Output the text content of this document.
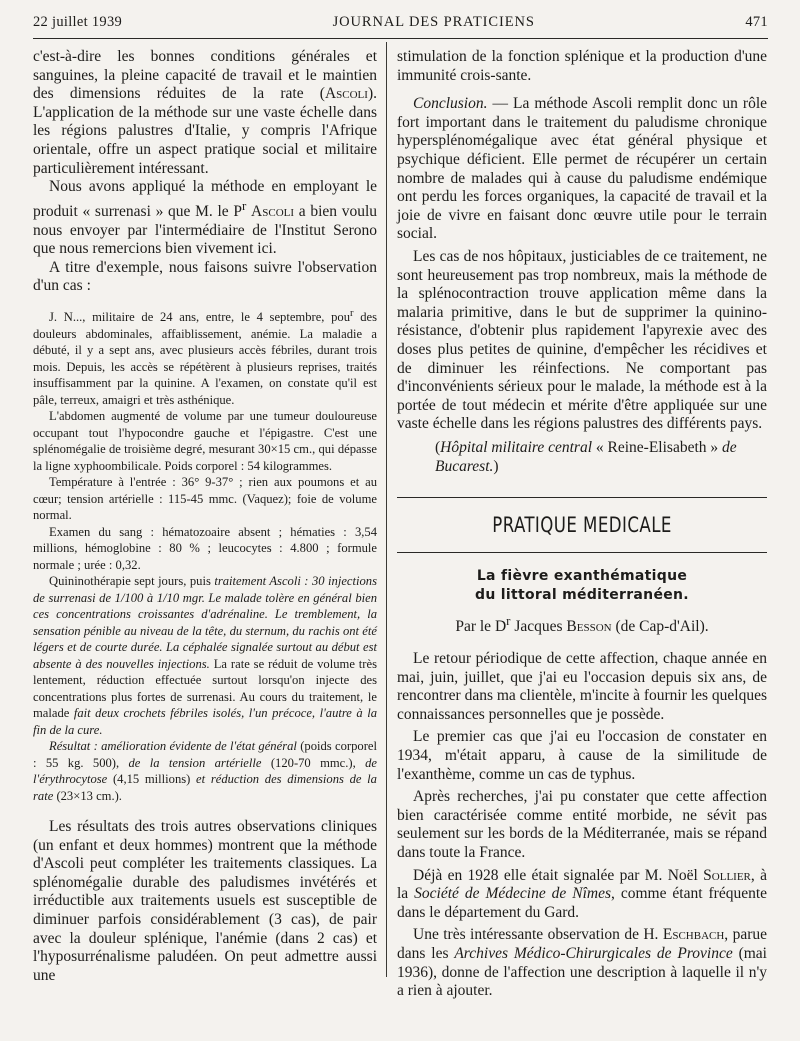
22 juillet 1939	JOURNAL DES PRATICIENS	471

c'est-à-dire les bonnes conditions générales et sanguines, la pleine capacité de travail et le maintien des dimensions réduites de la rate (Ascoli). L'application de la méthode sur une vaste échelle dans les régions palustres d'Italie, y compris l'Afrique orientale, offre un aspect pratique social et militaire particulièrement intéressant.

Nous avons appliqué la méthode en employant le produit « surrenasi » que M. le $P^r$ Ascoli a bien voulu nous envoyer par l'intermédiaire de l'Institut Serono que nous remercions bien vivement ici.

A titre d'exemple, nous faisons suivre l'observation d'un cas :

J. N..., militaire de 24 ans, entre, le 4 septembre, pou$^r$ des douleurs abdominales, affaiblissement, anémie. La maladie a débuté, il y a sept ans, avec plusieurs accès fébriles, durant trois mois. Depuis, les accès se répétèrent à plusieurs reprises, traités insuffisamment par la quinine. A l'examen, on constate qu'il est pâle, terreux, amaigri et très asthénique.

L'abdomen augmenté de volume par une tumeur douloureuse occupant tout l'hypocondre gauche et l'épigastre. C'est une splénomégalie de troisième degré, mesurant 30×15 cm., qui dépasse la ligne xyphoombilicale. Poids corporel : 54 kilogrammes.

Température à l'entrée : 36° 9-37° ; rien aux poumons et au cœur; tension artérielle : 115-45 mmc. (Vaquez); foie de volume normal.

Examen du sang : hématozoaire absent ; hématies : 3,54 millions, hémoglobine : 80 % ; leucocytes : 4.800 ; formule normale ; urée : 0,32.

Quininothérapie sept jours, puis traitement Ascoli : 30 injections de surrenasi de 1/100 à 1/10 mgr. Le malade tolère en général bien ces concentrations croissantes d'adrénaline. Le tremblement, la sensation pénible au niveau de la tête, du sternum, du rachis ont été légers et de courte durée. La céphalée signalée surtout au début est absente à des nouvelles injections. La rate se réduit de volume très lentement, réduction effectuée surtout lorsqu'on injecte des concentrations plus fortes de surrenasi. Au cours du traitement, le malade fait deux crochets fébriles isolés, l'un précoce, l'autre à la fin de la cure.

Résultat : amélioration évidente de l'état général (poids corporel : 55 kg. 500), de la tension artérielle (120-70 mmc.), de l'érythrocytose (4,15 millions) et réduction des dimensions de la rate (23×13 cm.).

Les résultats des trois autres observations cliniques (un enfant et deux hommes) montrent que la méthode d'Ascoli peut compléter les traitements classiques. La splénomégalie durable des paludismes invétérés et irréductible aux traitements usuels est susceptible de diminuer parfois considérablement (3 cas), de pair avec la douleur splénique, l'anémie (dans 2 cas) et l'hyposurrénalisme paludéen. On peut admettre aussi une

stimulation de la fonction splénique et la production d'une immunité crois-sante.

Conclusion. — La méthode Ascoli remplit donc un rôle fort important dans le traitement du paludisme chronique hypersplénomégalique avec état général physique et psychique déficient. Elle permet de récupérer un certain nombre de malades qui à cause du paludisme endémique ont perdu les forces organiques, la capacité de travail et la joie de vivre en faisant donc œuvre utile pour le terrain social.

Les cas de nos hôpitaux, justiciables de ce traitement, ne sont heureusement pas trop nombreux, mais la méthode de la splénocontraction trouve application même dans la malaria primitive, dans le but de supprimer la quinino-résistance, d'obtenir plus rapidement l'apyrexie avec des doses plus petites de quinine, d'empêcher les récidives et de diminuer les réinfections. Ne comportant pas d'inconvénients sérieux pour le malade, la méthode est à la portée de tout médecin et mérite d'être appliquée sur une vaste échelle dans les régions palustres des différents pays.

(Hôpital militaire central « Reine-Elisabeth » de Bucarest.)

PRATIQUE MEDICALE
La fièvre exanthématique
du littoral méditerranéen.

Par le $D^r$ Jacques Besson (de Cap-d'Ail).

Le retour périodique de cette affection, chaque année en mai, juin, juillet, que j'ai eu l'occasion depuis six ans, de rencontrer dans ma clientèle, m'incite à fournir les quelques connaissances personnelles que je possède.

Le premier cas que j'ai eu l'occasion de constater en 1934, m'était apparu, à cause de la similitude de l'exanthème, comme un cas de typhus.

Après recherches, j'ai pu constater que cette affection bien caractérisée comme entité morbide, ne sévit pas seulement sur les bords de la Méditerranée, mais se répand dans toute la France.

Déjà en 1928 elle était signalée par M. Noël Sollier, à la Société de Médecine de Nîmes, comme étant fréquente dans le département du Gard.

Une très intéressante observation de H. Eschbach, parue dans les Archives Médico-Chirurgicales de Province (mai 1936), donne de l'affection une description à laquelle il n'y a rien à ajouter.
